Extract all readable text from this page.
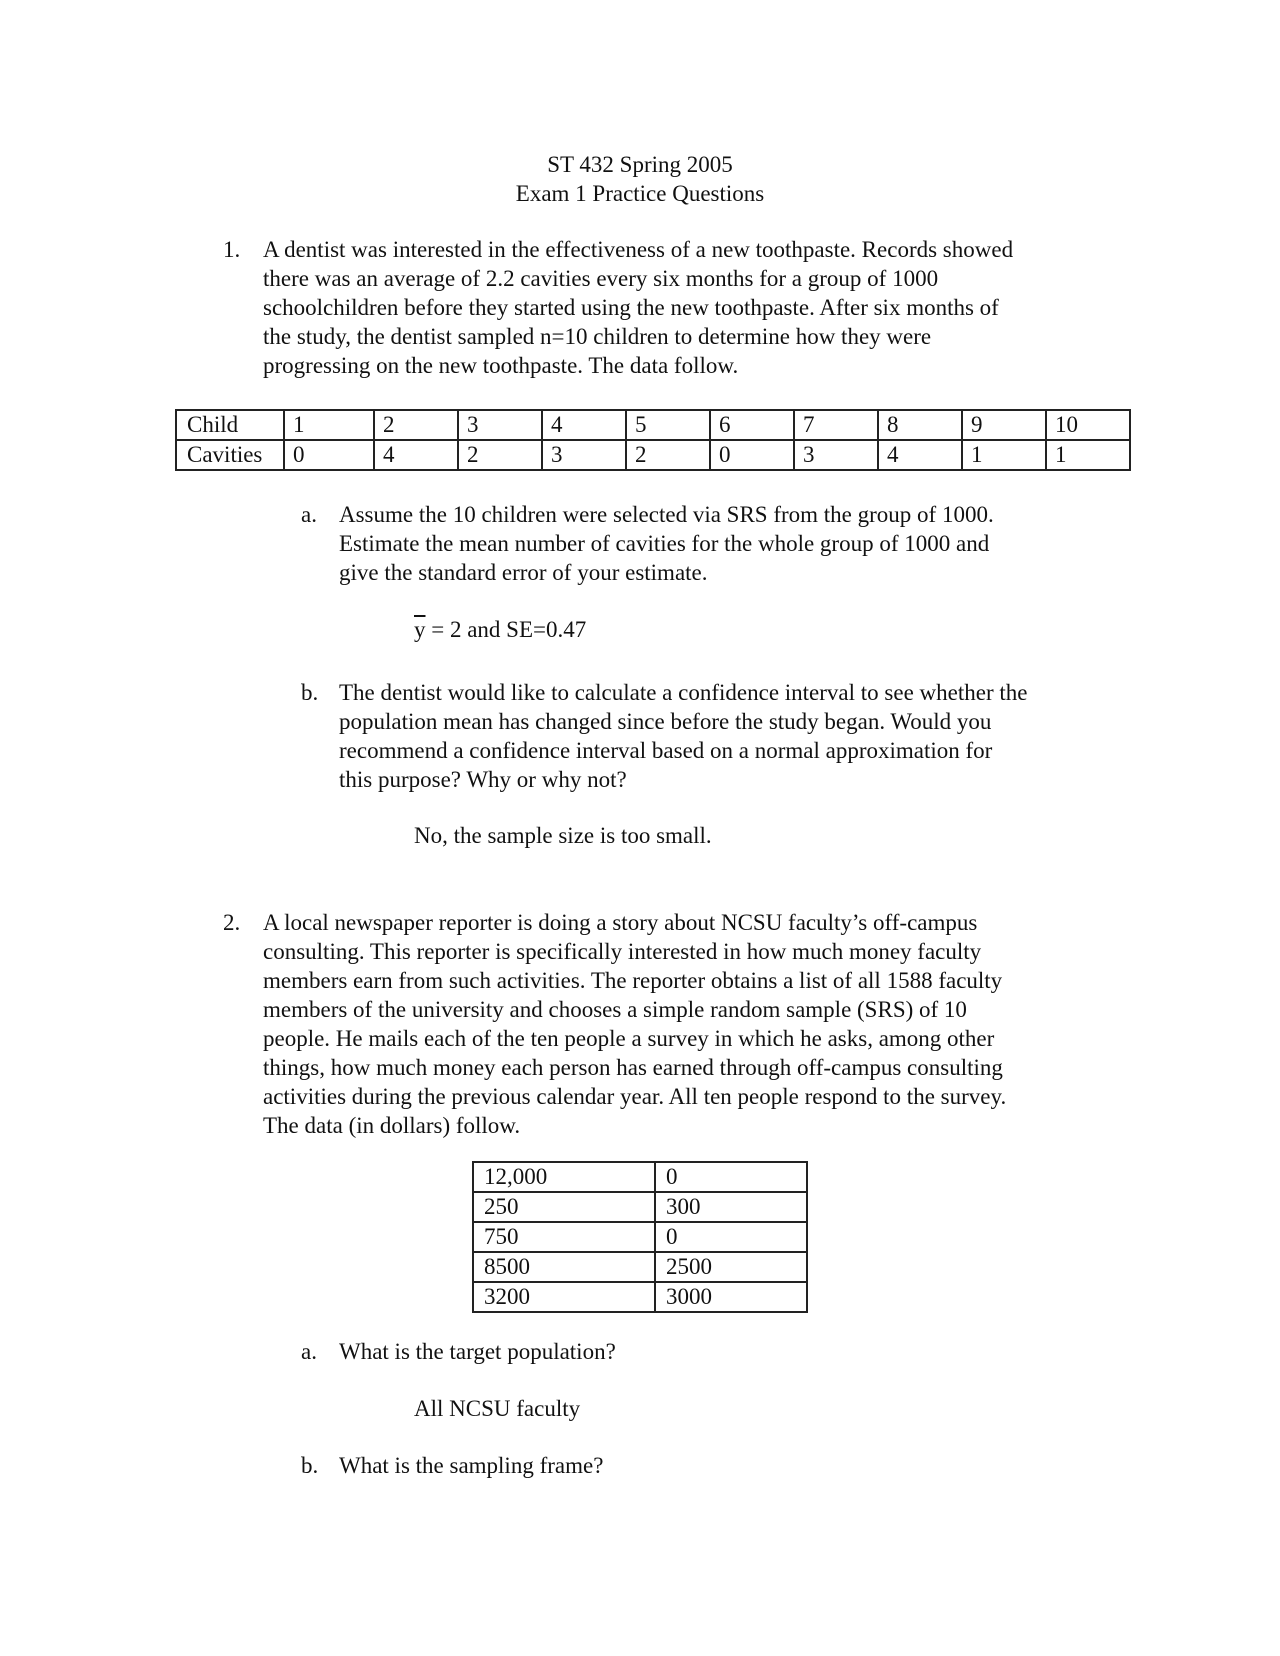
ST 432 Spring 2005
Exam 1 Practice Questions
1. A dentist was interested in the effectiveness of a new toothpaste. Records showed
there was an average of 2.2 cavities every six months for a group of 1000
schoolchildren before they started using the new toothpaste. After six months of
the study, the dentist sampled n=10 children to determine how they were
progressing on the new toothpaste. The data follow.
Child	1	2	3	4	5	6	7	8	9	10
Cavities	0	4	2	3	2	0	3	4	1	1
a. Assume the 10 children were selected via SRS from the group of 1000.
Estimate the mean number of cavities for the whole group of 1000 and
give the standard error of your estimate.
$\overline{y} = 2$ and SE=0.47
b. The dentist would like to calculate a confidence interval to see whether the
population mean has changed since before the study began. Would you
recommend a confidence interval based on a normal approximation for
this purpose? Why or why not?
No, the sample size is too small.
2. A local newspaper reporter is doing a story about NCSU faculty’s off-campus
consulting. This reporter is specifically interested in how much money faculty
members earn from such activities. The reporter obtains a list of all 1588 faculty
members of the university and chooses a simple random sample (SRS) of 10
people. He mails each of the ten people a survey in which he asks, among other
things, how much money each person has earned through off-campus consulting
activities during the previous calendar year. All ten people respond to the survey.
The data (in dollars) follow.
12,000	0
250	300
750	0
8500	2500
3200	3000
a. What is the target population?
All NCSU faculty
b. What is the sampling frame?
